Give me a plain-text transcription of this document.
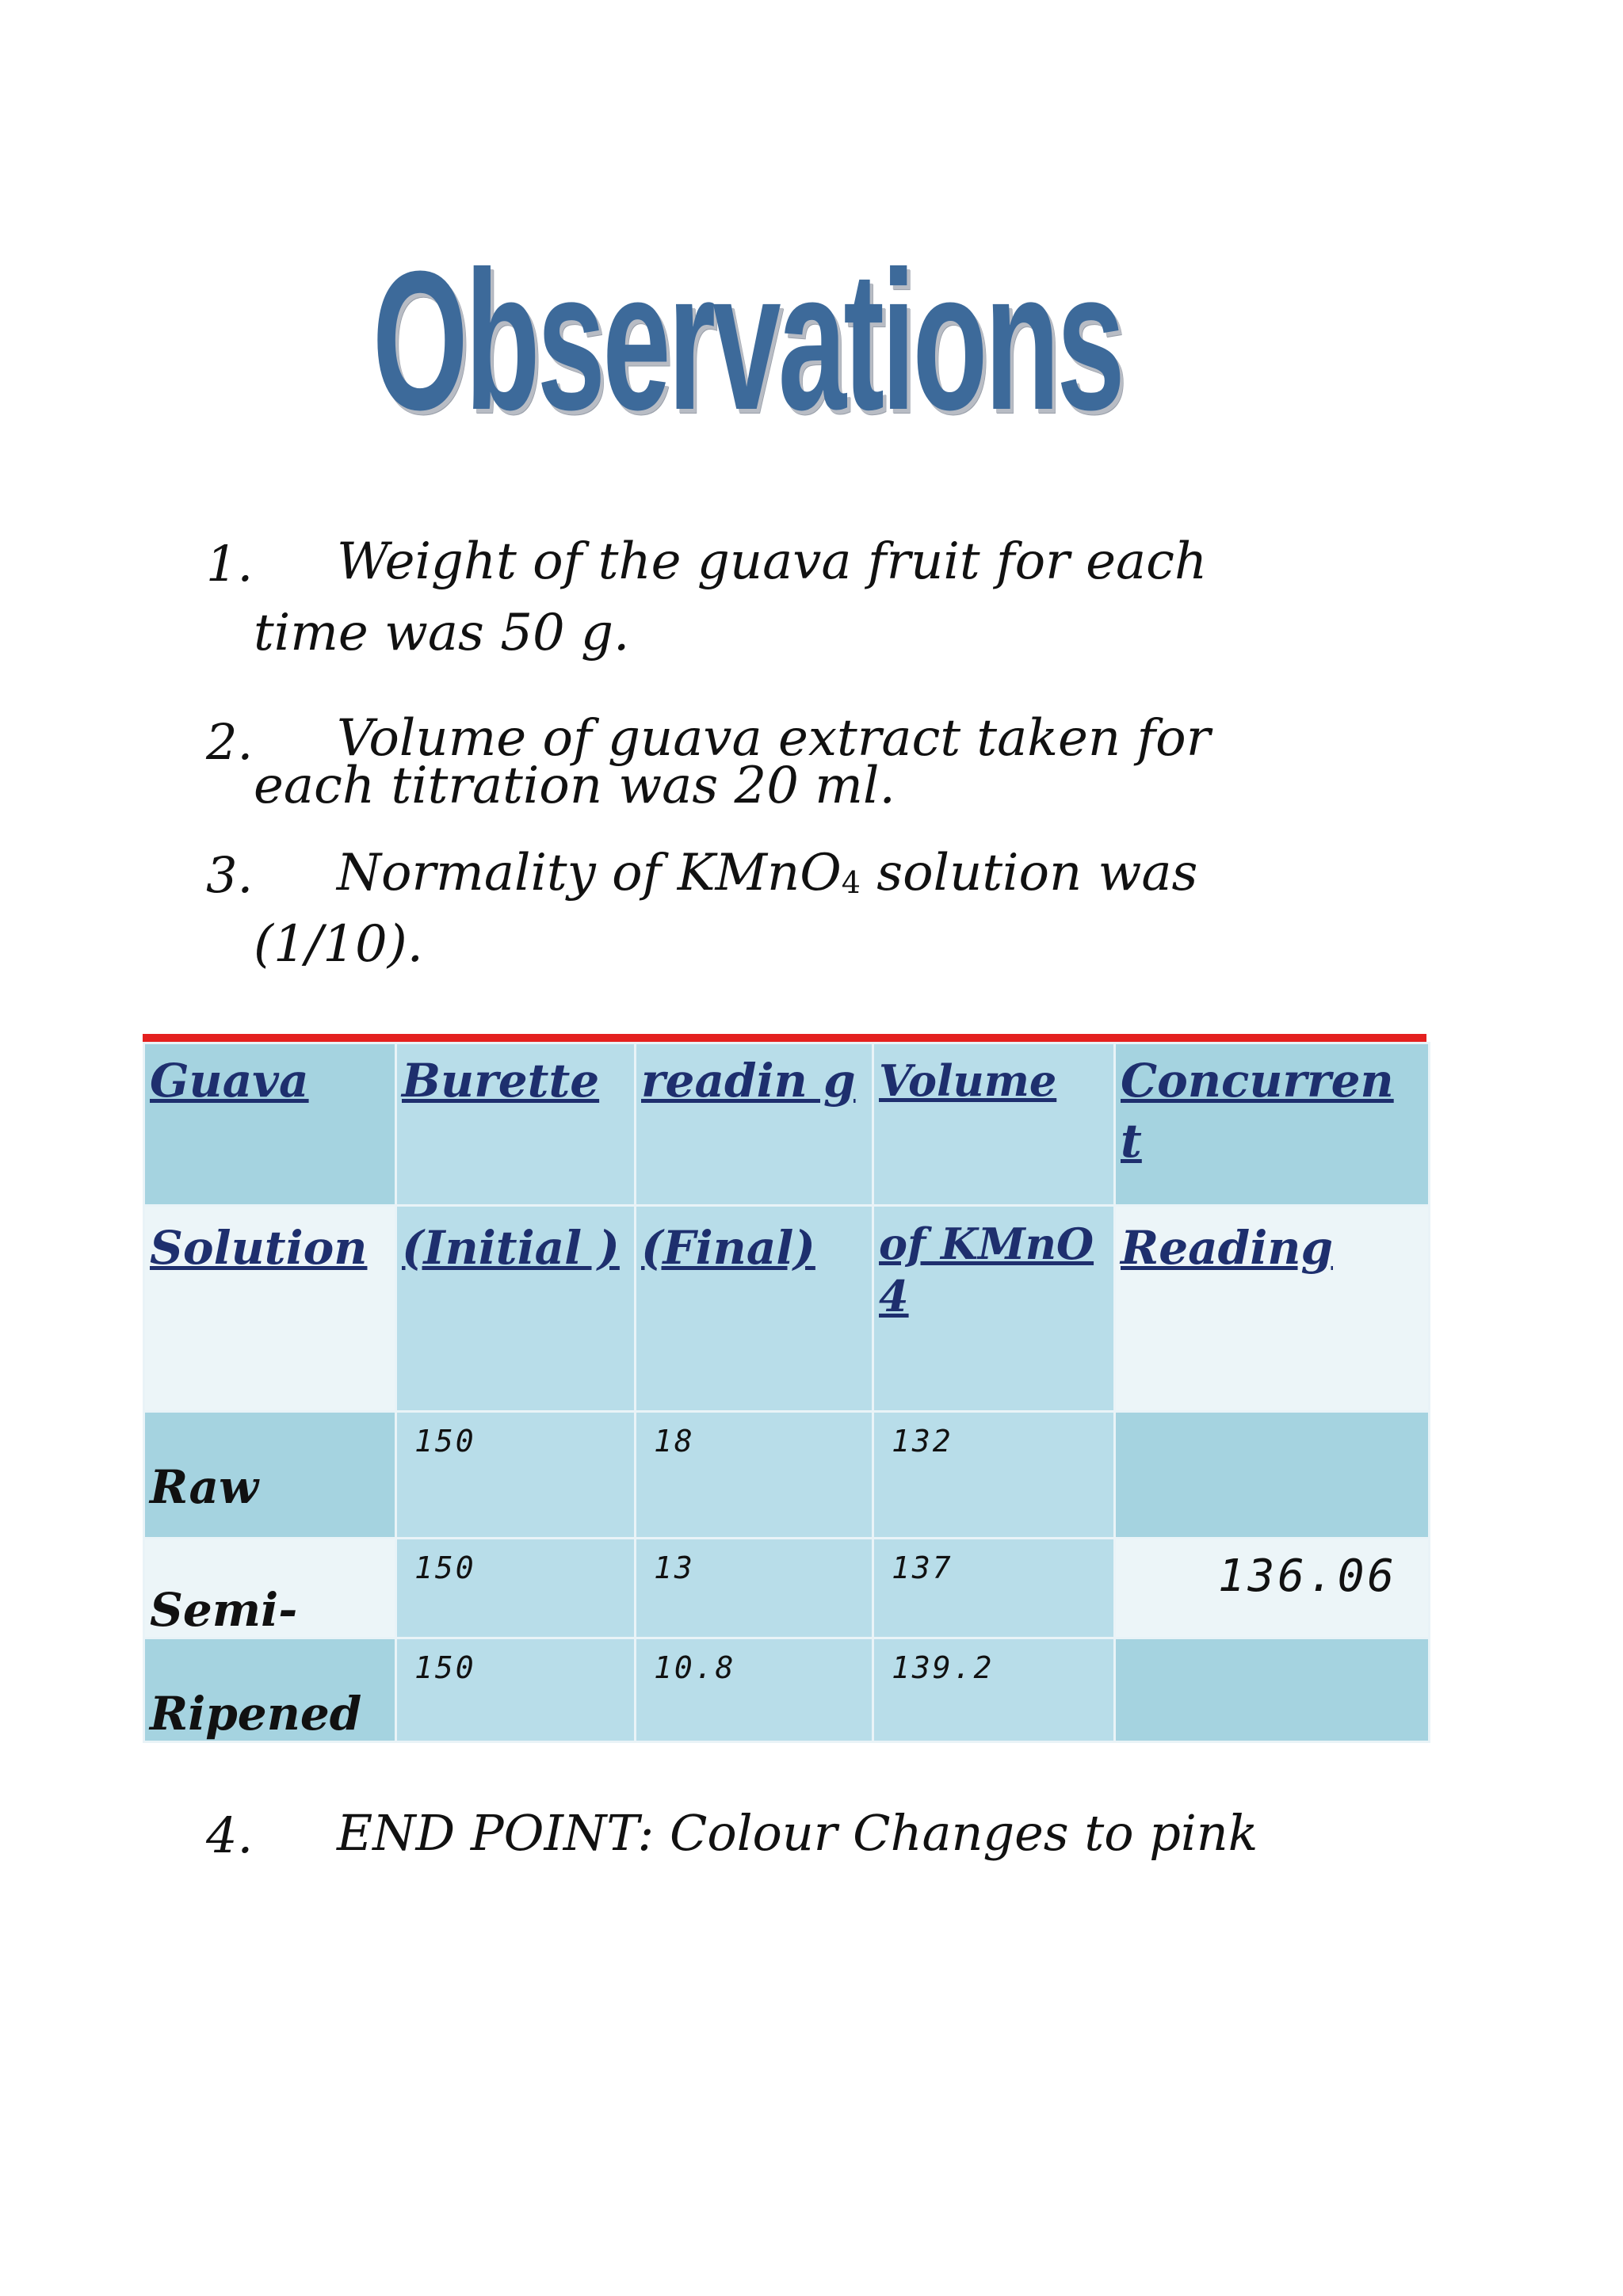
Observations
1. Weight of the guava fruit for each
time was 50 g.
2. Volume of guava extract taken for
each titration was 20 ml.
3. Normality of KMnO$_4$ solution was
(1/10).
Guava	Burette	readin g	Volume	Concurren t

Solution	(Initial )	(Final)	of KMnO4	Reading

Raw	150	18	132	

Semi-	150	13	137	136.06

Ripened	150	10.8	139.2	

4. END POINT: Colour Changes to pink
